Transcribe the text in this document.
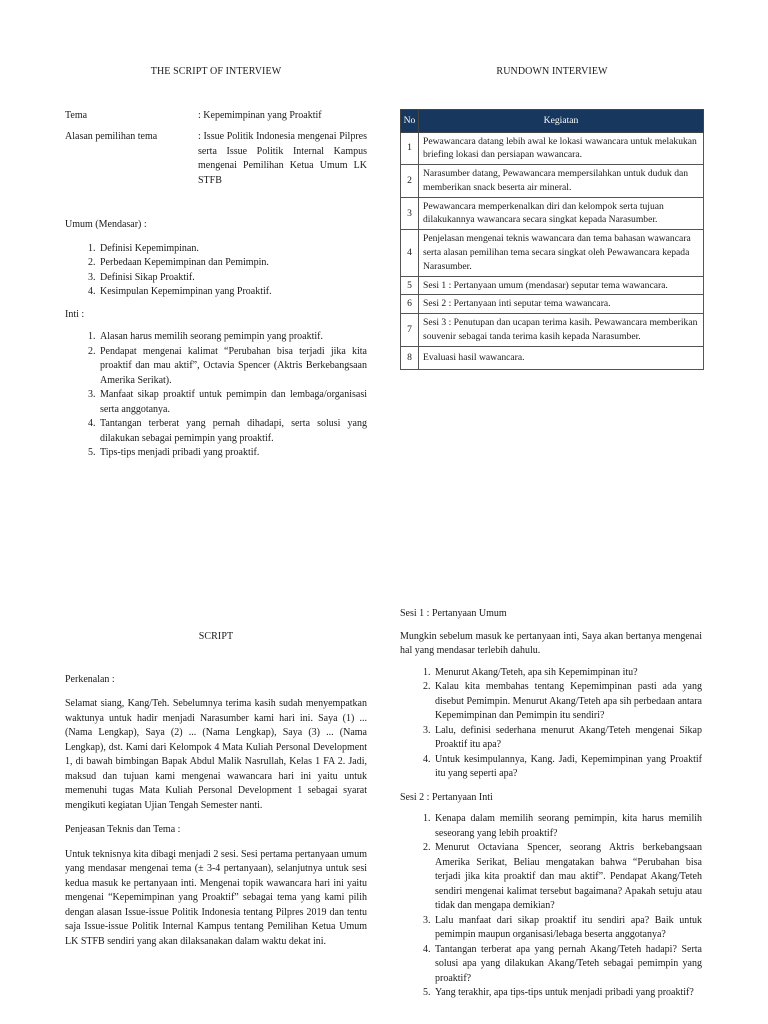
THE SCRIPT OF INTERVIEW
Tema	: Kepemimpinan yang Proaktif
Alasan pemilihan tema	: Issue Politik Indonesia mengenai Pilpres serta Issue Politik Internal Kampus mengenai Pemilihan Ketua Umum LK STFB
Umum (Mendasar) :
1. Definisi Kepemimpinan.
2. Perbedaan Kepemimpinan dan Pemimpin.
3. Definisi Sikap Proaktif.
4. Kesimpulan Kepemimpinan yang Proaktif.
Inti :
1. Alasan harus memilih seorang pemimpin yang proaktif.
2. Pendapat mengenai kalimat “Perubahan bisa terjadi jika kita proaktif dan mau aktif”, Octavia Spencer (Aktris Berkebangsaan Amerika Serikat).
3. Manfaat sikap proaktif untuk pemimpin dan lembaga/organisasi serta anggotanya.
4. Tantangan terberat yang pernah dihadapi, serta solusi yang dilakukan sebagai pemimpin yang proaktif.
5. Tips-tips menjadi pribadi yang proaktif.
RUNDOWN INTERVIEW
No	Kegiatan
1	Pewawancara datang lebih awal ke lokasi wawancara untuk melakukan briefing lokasi dan persiapan wawancara.
2	Narasumber datang, Pewawancara mempersilahkan untuk duduk dan memberikan snack beserta air mineral.
3	Pewawancara memperkenalkan diri dan kelompok serta tujuan dilakukannya wawancara secara singkat kepada Narasumber.
4	Penjelasan mengenai teknis wawancara dan tema bahasan wawancara serta alasan pemilihan tema secara singkat oleh Pewawancara kepada Narasumber.
5	Sesi 1 : Pertanyaan umum (mendasar) seputar tema wawancara.
6	Sesi 2 : Pertanyaan inti seputar tema wawancara.
7	Sesi 3 : Penutupan dan ucapan terima kasih. Pewawancara memberikan souvenir sebagai tanda terima kasih kepada Narasumber.
8	Evaluasi hasil wawancara.
SCRIPT
Perkenalan :

Selamat siang, Kang/Teh. Sebelumnya terima kasih sudah menyempatkan waktunya untuk hadir menjadi Narasumber kami hari ini. Saya (1) ... (Nama Lengkap), Saya (2) ... (Nama Lengkap), Saya (3) ... (Nama Lengkap), dst. Kami dari Kelompok 4 Mata Kuliah Personal Development 1, di bawah bimbingan Bapak Abdul Malik Nasrullah, Kelas 1 FA 2. Jadi, maksud dan tujuan kami mengenai wawancara hari ini yaitu untuk memenuhi tugas Mata Kuliah Personal Development 1 sebagai syarat mengikuti kegiatan Ujian Tengah Semester nanti.

Penjeasan Teknis dan Tema :

Untuk teknisnya kita dibagi menjadi 2 sesi. Sesi pertama pertanyaan umum yang mendasar mengenai tema (± 3-4 pertanyaan), selanjutnya untuk sesi kedua masuk ke pertanyaan inti. Mengenai topik wawancara hari ini yaitu mengenai “Kepemimpinan yang Proaktif” sebagai tema yang kami pilih dengan alasan Issue-issue Politik Indonesia tentang Pilpres 2019 dan tentu saja Issue-issue Politik Internal Kampus tentang Pemilihan Ketua Umum LK STFB sendiri yang akan dilaksanakan dalam waktu dekat ini.

Sesi 1 : Pertanyaan Umum

Mungkin sebelum masuk ke pertanyaan inti, Saya akan bertanya mengenai hal yang mendasar terlebih dahulu.

1. Menurut Akang/Teteh, apa sih Kepemimpinan itu?
2. Kalau kita membahas tentang Kepemimpinan pasti ada yang disebut Pemimpin. Menurut Akang/Teteh apa sih perbedaan antara Kepemimpinan dan Pemimpin itu sendiri?
3. Lalu, definisi sederhana menurut Akang/Teteh mengenai Sikap Proaktif itu apa?
4. Untuk kesimpulannya, Kang. Jadi, Kepemimpinan yang Proaktif itu yang seperti apa?
Sesi 2 : Pertanyaan Inti
1. Kenapa dalam memilih seorang pemimpin, kita harus memilih seseorang yang lebih proaktif?
2. Menurut Octaviana Spencer, seorang Aktris berkebangsaan Amerika Serikat, Beliau mengatakan bahwa “Perubahan bisa terjadi jika kita proaktif dan mau aktif”. Pendapat Akang/Teteh sendiri mengenai kalimat tersebut bagaimana? Apakah setuju atau tidak dan mengapa demikian?
3. Lalu manfaat dari sikap proaktif itu sendiri apa? Baik untuk pemimpin maupun organisasi/lebaga beserta anggotanya?
4. Tantangan terberat apa yang pernah Akang/Teteh hadapi? Serta solusi apa yang dilakukan Akang/Teteh sebagai pemimpin yang proaktif?
5. Yang terakhir, apa tips-tips untuk menjadi pribadi yang proaktif?
